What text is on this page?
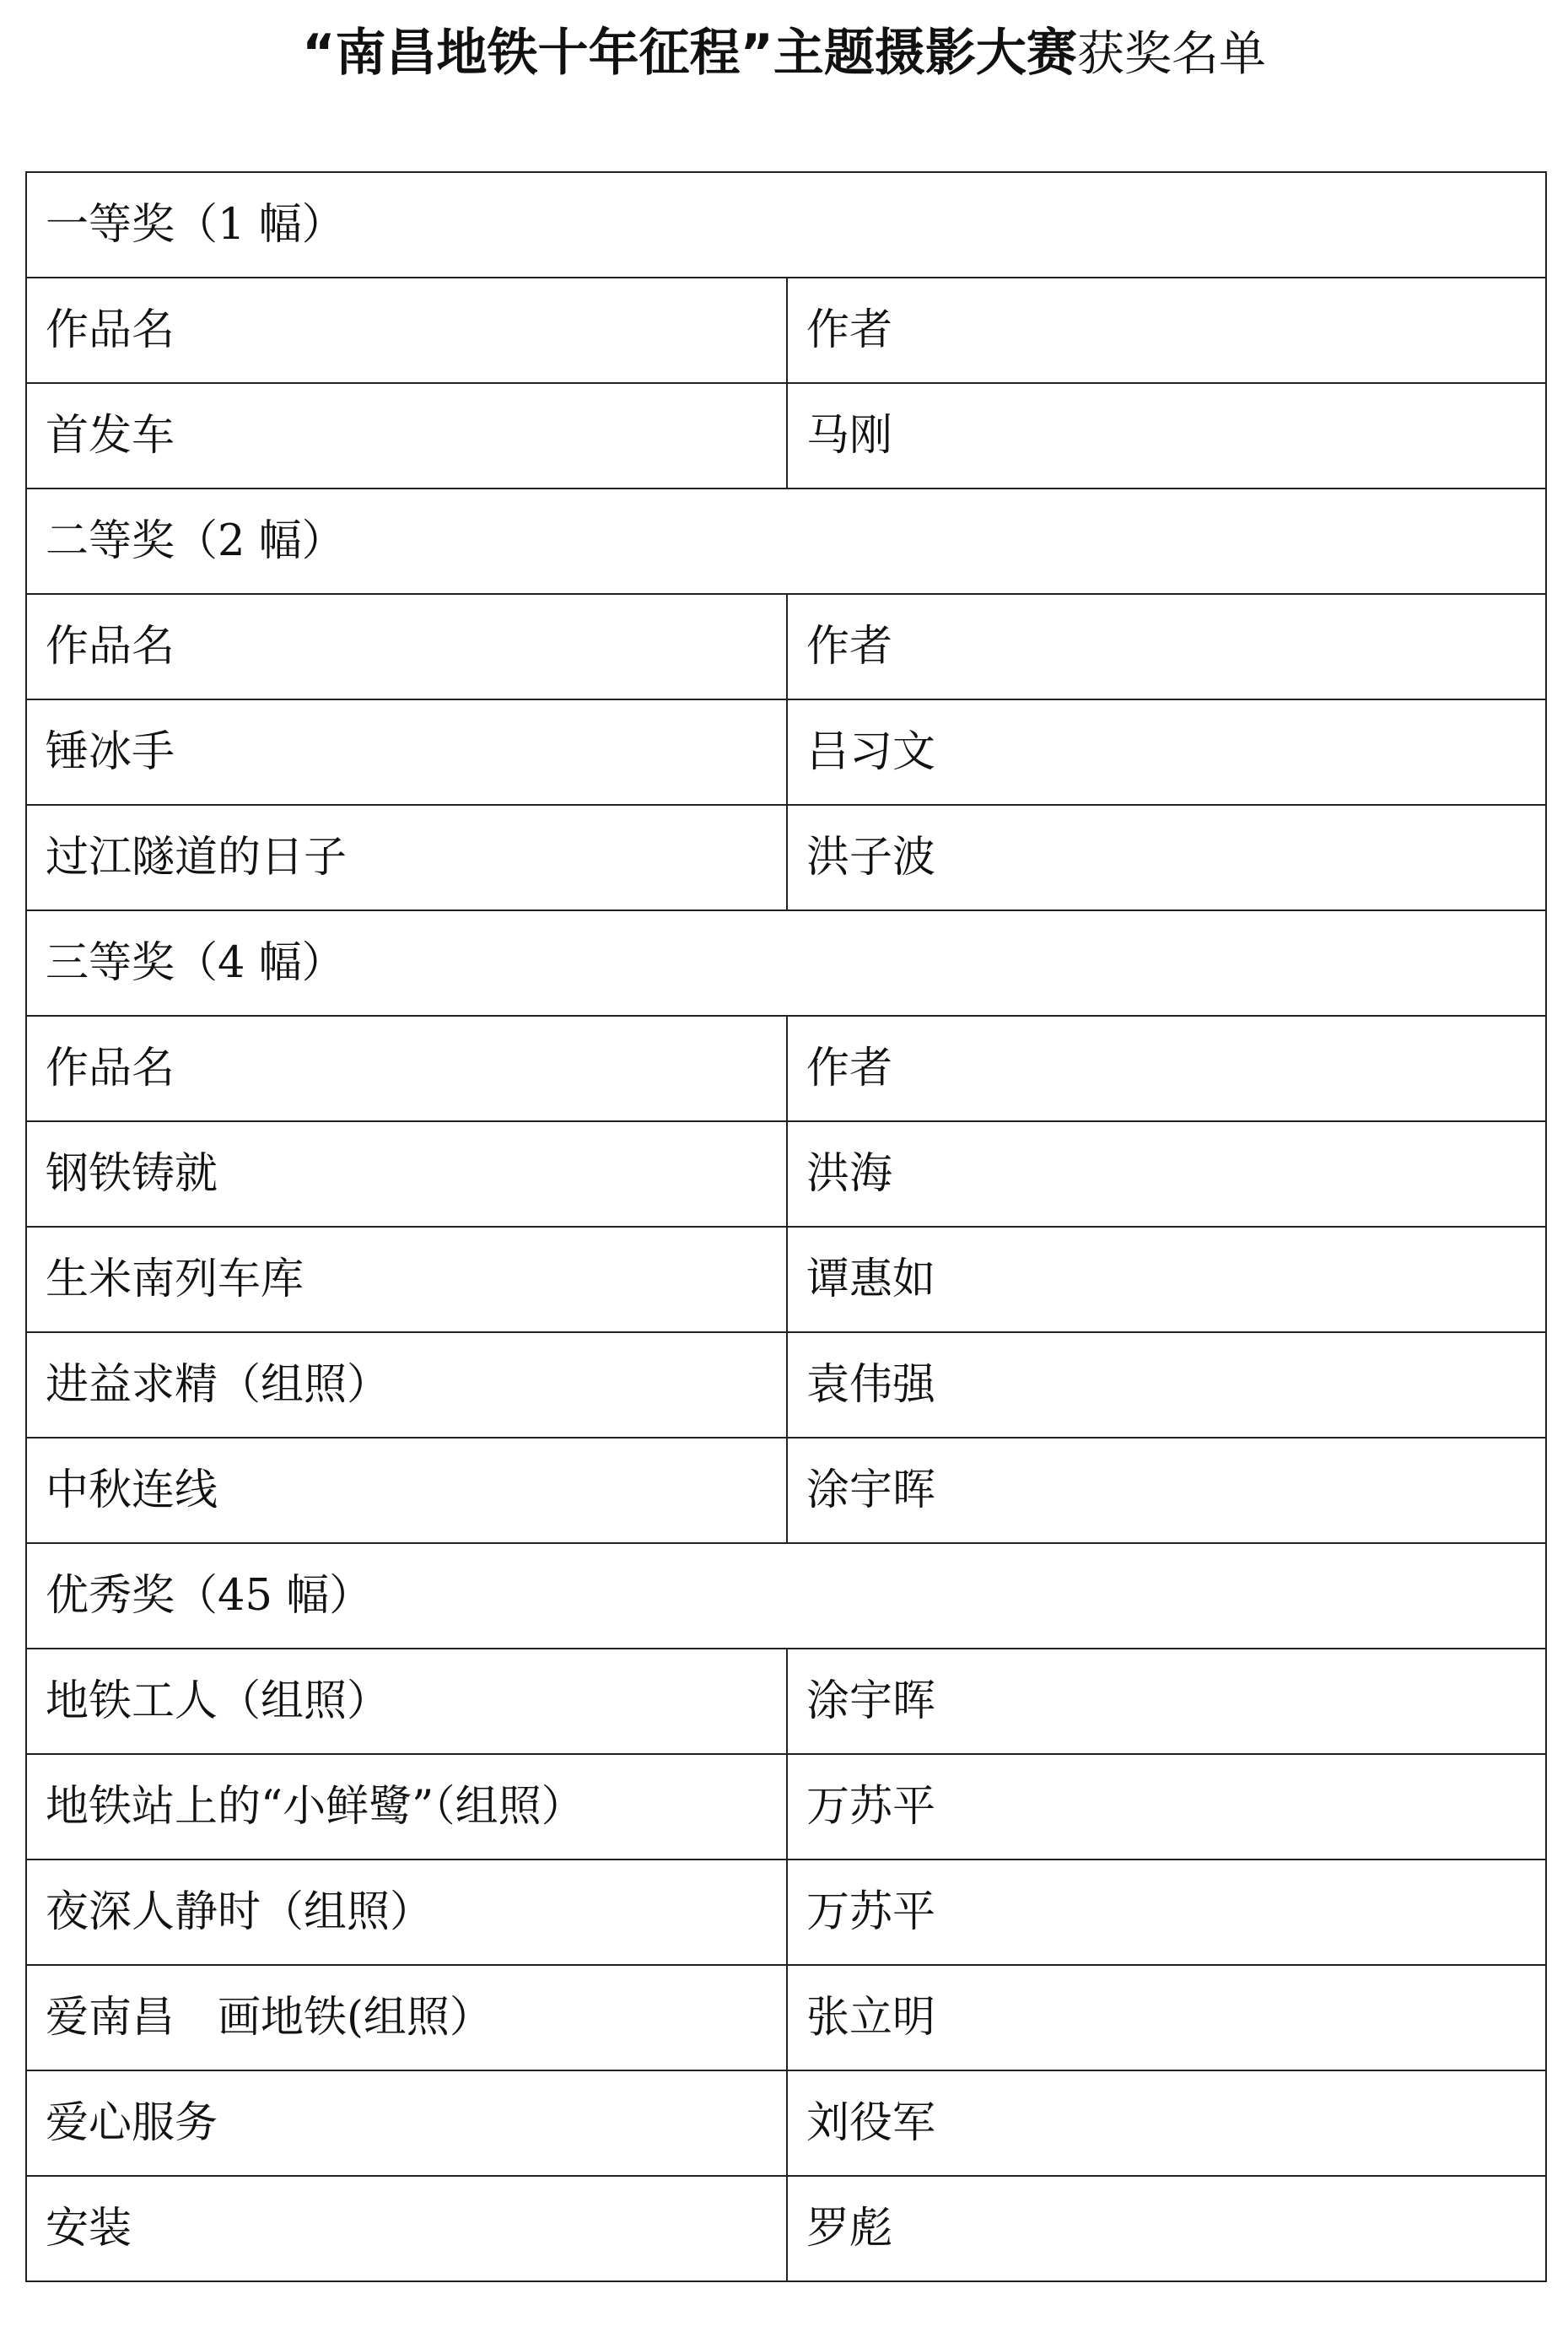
“南昌地铁十年征程”主题摄影大赛获奖名单
一等奖（1 幅）	
作品名	作者
首发车	马刚
二等奖（2 幅）	
作品名	作者
锤冰手	吕习文
过江隧道的日子	洪子波
三等奖（4 幅）	
作品名	作者
钢铁铸就	洪海
生米南列车库	谭惠如
进益求精（组照）	袁伟强
中秋连线	涂宇晖
优秀奖（45 幅）	
地铁工人（组照）	涂宇晖
地铁站上的“小鲜鹭”（组照）	万苏平
夜深人静时（组照）	万苏平
爱南昌　画地铁(组照）	张立明
爱心服务	刘役军
安装	罗彪
